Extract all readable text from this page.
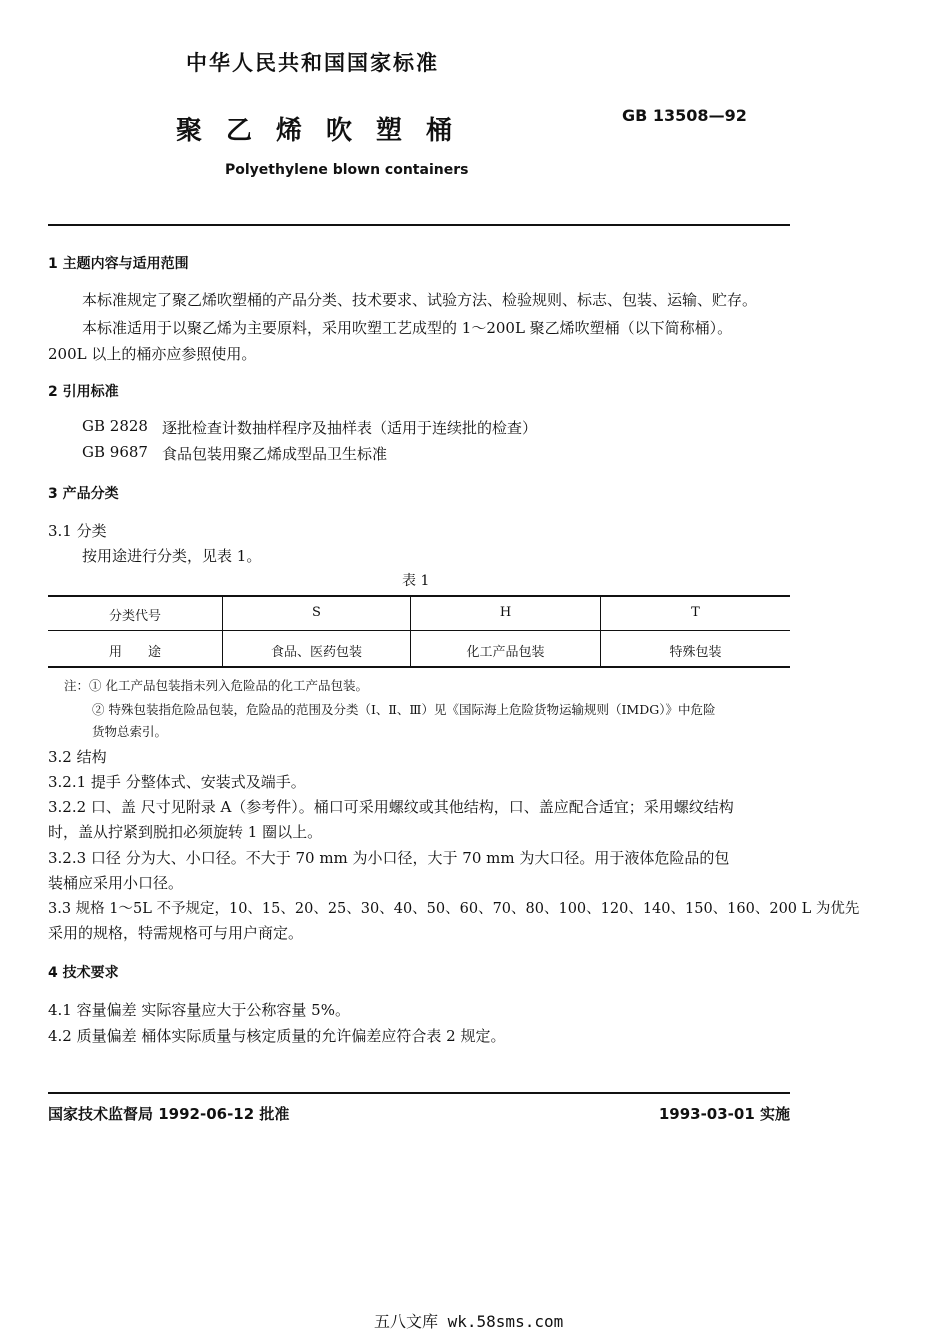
中华人民共和国国家标准
聚乙烯吹塑桶
GB 13508—92
Polyethylene blown containers
1 主题内容与适用范围
本标准规定了聚乙烯吹塑桶的产品分类、技术要求、试验方法、检验规则、标志、包装、运输、贮存。
本标准适用于以聚乙烯为主要原料，采用吹塑工艺成型的 1～200L 聚乙烯吹塑桶（以下简称桶）。
200L 以上的桶亦应参照使用。
2 引用标准
GB 2828 逐批检查计数抽样程序及抽样表（适用于连续批的检查）
GB 9687 食品包装用聚乙烯成型品卫生标准
3 产品分类
3.1 分类
按用途进行分类，见表 1。
表 1
分类代号	S	H	T
用　　途	食品、医药包装	化工产品包装	特殊包装
注：① 化工产品包装指未列入危险品的化工产品包装。
② 特殊包装指危险品包装，危险品的范围及分类（Ⅰ、Ⅱ、Ⅲ）见《国际海上危险货物运输规则（IMDG）》中危险
货物总索引。
3.2 结构
3.2.1 提手 分整体式、安装式及端手。
3.2.2 口、盖 尺寸见附录 A（参考件）。桶口可采用螺纹或其他结构，口、盖应配合适宜；采用螺纹结构
时，盖从拧紧到脱扣必须旋转 1 圈以上。
3.2.3 口径 分为大、小口径。不大于 70 mm 为小口径，大于 70 mm 为大口径。用于液体危险品的包
装桶应采用小口径。
3.3 规格 1～5L 不予规定，10、15、20、25、30、40、50、60、70、80、100、120、140、150、160、200 L 为优先
采用的规格，特需规格可与用户商定。
4 技术要求
4.1 容量偏差 实际容量应大于公称容量 5%。
4.2 质量偏差 桶体实际质量与核定质量的允许偏差应符合表 2 规定。
国家技术监督局 1992-06-12 批准	1993-03-01 实施
五八文库 wk.58sms.com
